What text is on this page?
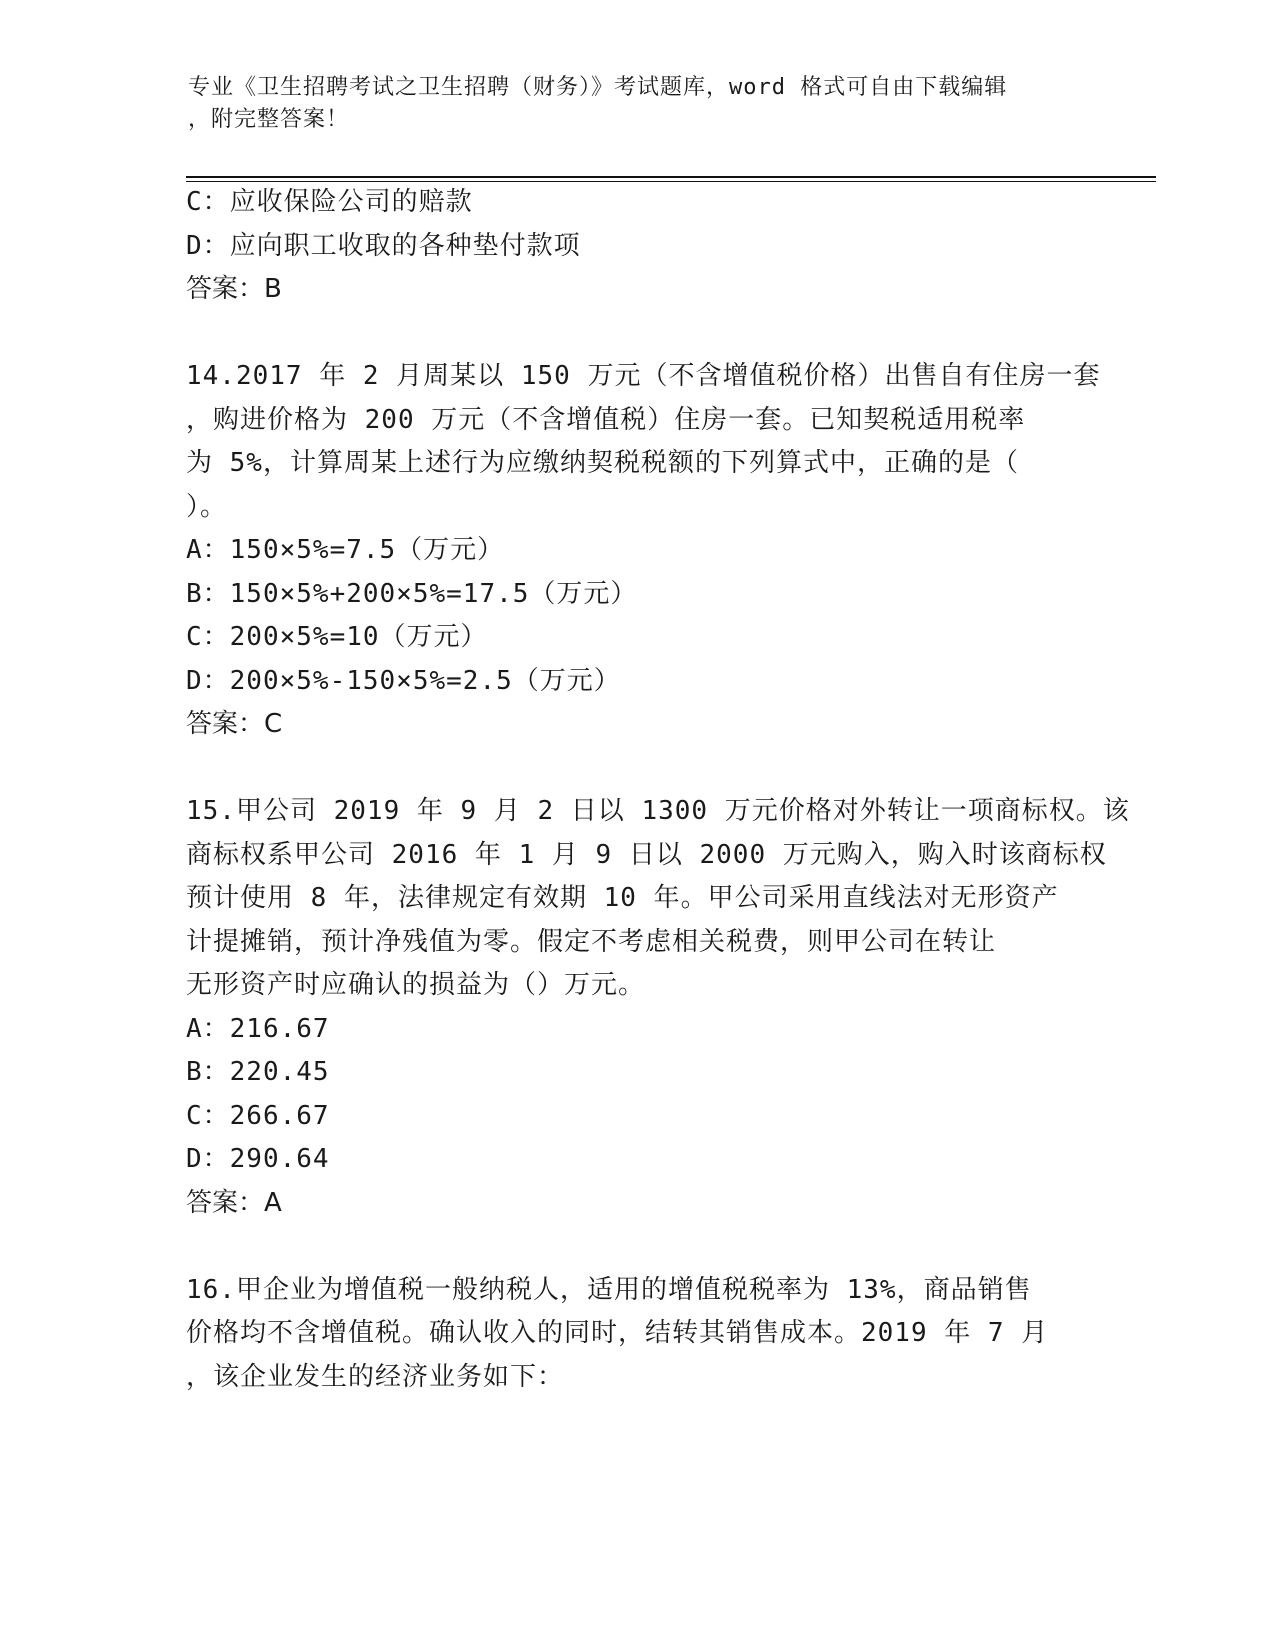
专业《卫生招聘考试之卫生招聘（财务）》考试题库，word 格式可自由下载编辑
，附完整答案！
C：应收保险公司的赔款
D：应向职工收取的各种垫付款项
答案：B
14.2017 年 2 月周某以 150 万元（不含增值税价格）出售自有住房一套
，购进价格为 200 万元（不含增值税）住房一套。已知契税适用税率
为 5%，计算周某上述行为应缴纳契税税额的下列算式中，正确的是（
）。
A：150×5%=7.5（万元）
B：150×5%+200×5%=17.5（万元）
C：200×5%=10（万元）
D：200×5%-150×5%=2.5（万元）
答案：C
15.甲公司 2019 年 9 月 2 日以 1300 万元价格对外转让一项商标权。该
商标权系甲公司 2016 年 1 月 9 日以 2000 万元购入，购入时该商标权
预计使用 8 年，法律规定有效期 10 年。甲公司采用直线法对无形资产
计提摊销，预计净残值为零。假定不考虑相关税费，则甲公司在转让
无形资产时应确认的损益为（）万元。
A：216.67
B：220.45
C：266.67
D：290.64
答案：A
16.甲企业为增值税一般纳税人，适用的增值税税率为 13%，商品销售
价格均不含增值税。确认收入的同时，结转其销售成本。2019 年 7 月
，该企业发生的经济业务如下：
